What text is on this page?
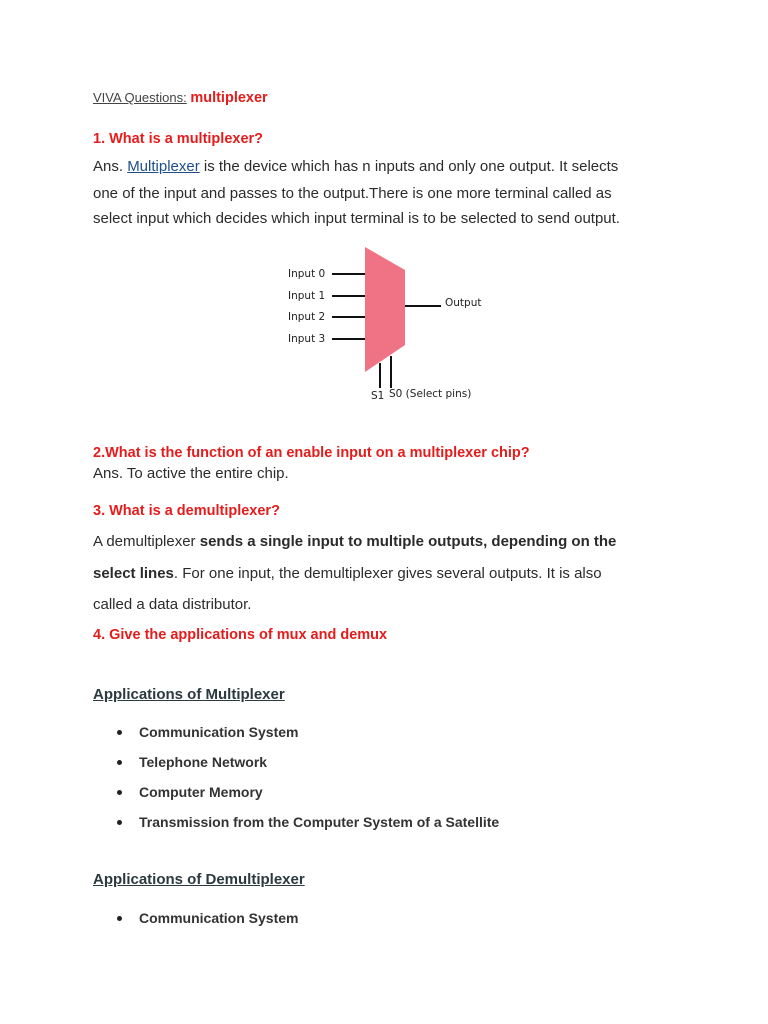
VIVA Questions: multiplexer
1. What is a multiplexer?
Ans. Multiplexer is the device which has n inputs and only one output. It selects
one of the input and passes to the output.There is one more terminal called as
select input which decides which input terminal is to be selected to send output.
Input 0
Input 1
Input 2
Input 3
Output
S1 S0 (Select pins)
2.What is the function of an enable input on a multiplexer chip?
Ans. To active the entire chip.
3. What is a demultiplexer?
A demultiplexer sends a single input to multiple outputs, depending on the
select lines. For one input, the demultiplexer gives several outputs. It is also
called a data distributor.
4. Give the applications of mux and demux
Applications of Multiplexer
Communication System
Telephone Network
Computer Memory
Transmission from the Computer System of a Satellite
Applications of Demultiplexer
Communication System
